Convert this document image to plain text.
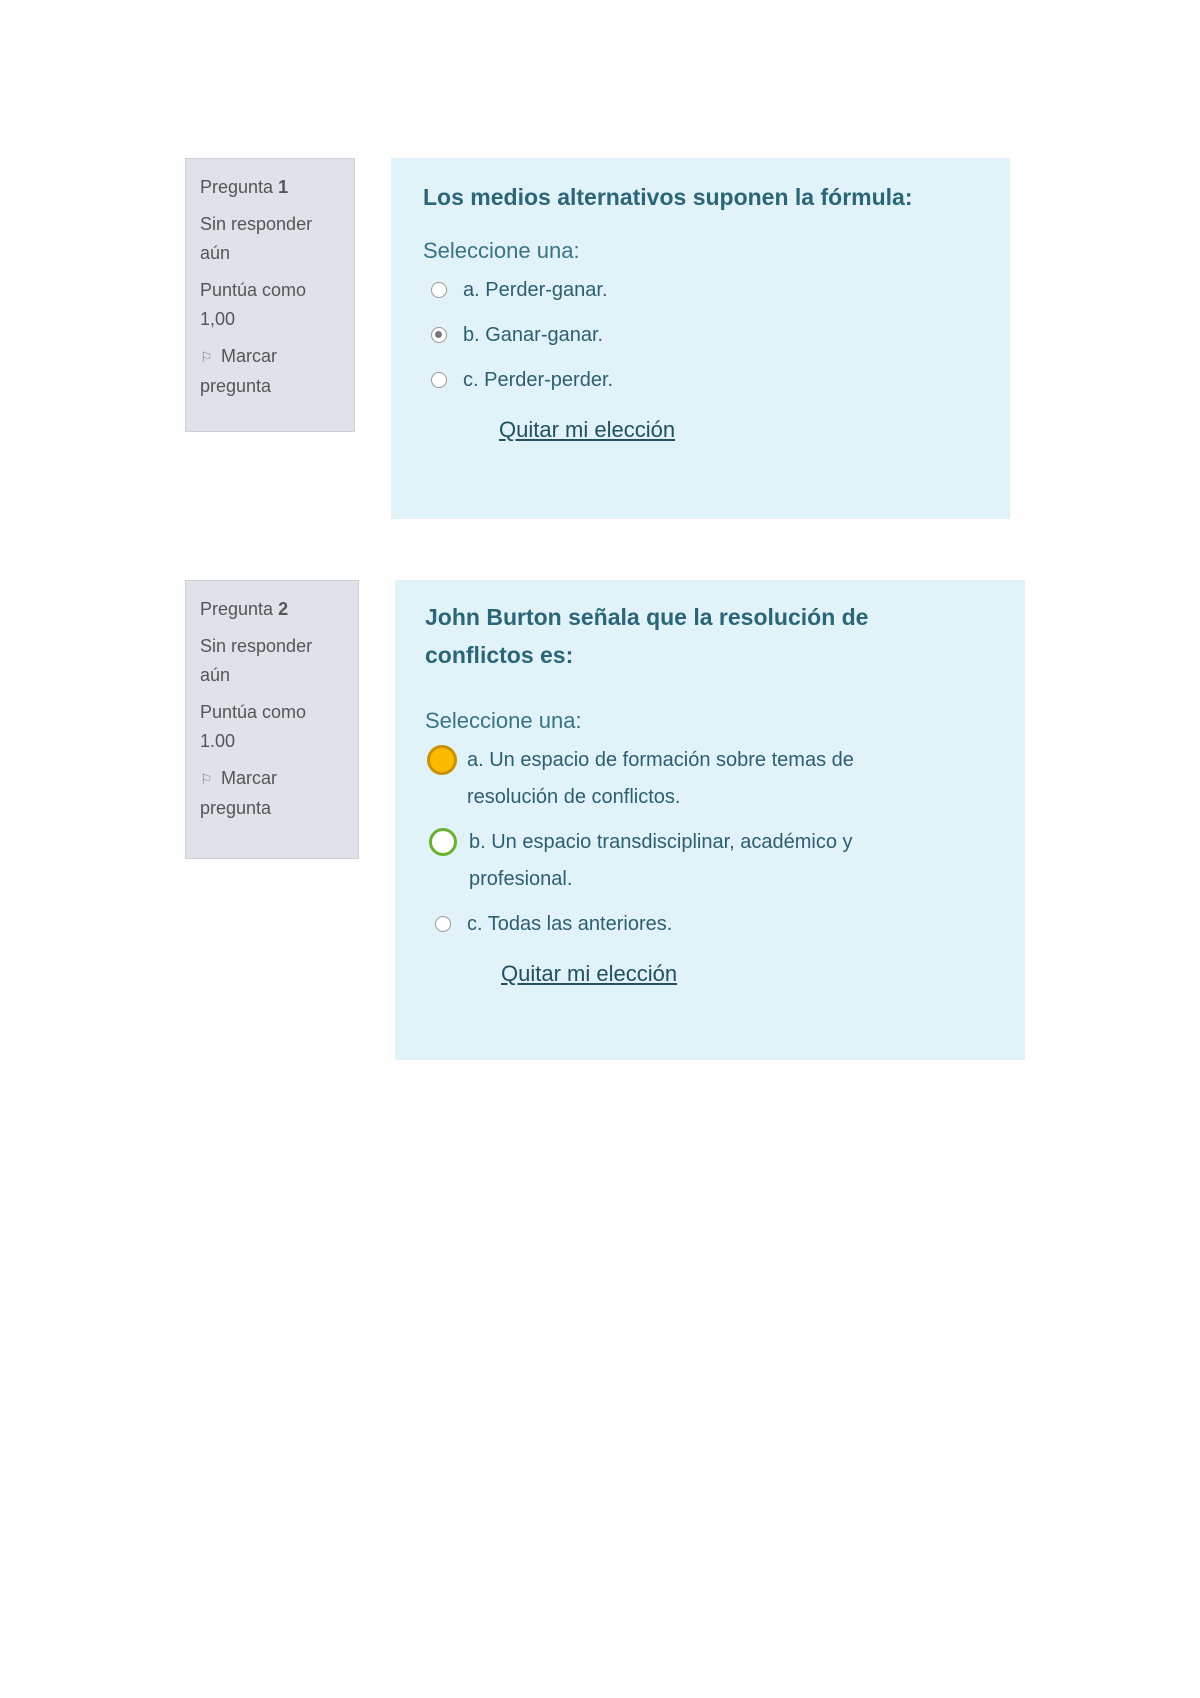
Pregunta 1

Sin responder aún

Puntúa como
1,00

⚐ Marcar pregunta

Los medios alternativos suponen la fórmula:
Seleccione una:
a. Perder-ganar.
b. Ganar-ganar.
c. Perder-perder.
Quitar mi elección
Pregunta 2

Sin responder aún

Puntúa como
1.00

⚐ Marcar pregunta

John Burton señala que la resolución de conflictos es:
Seleccione una:
a. Un espacio de formación sobre temas de resolución de conflictos.
b. Un espacio transdisciplinar, académico y profesional.
c. Todas las anteriores.
Quitar mi elección
